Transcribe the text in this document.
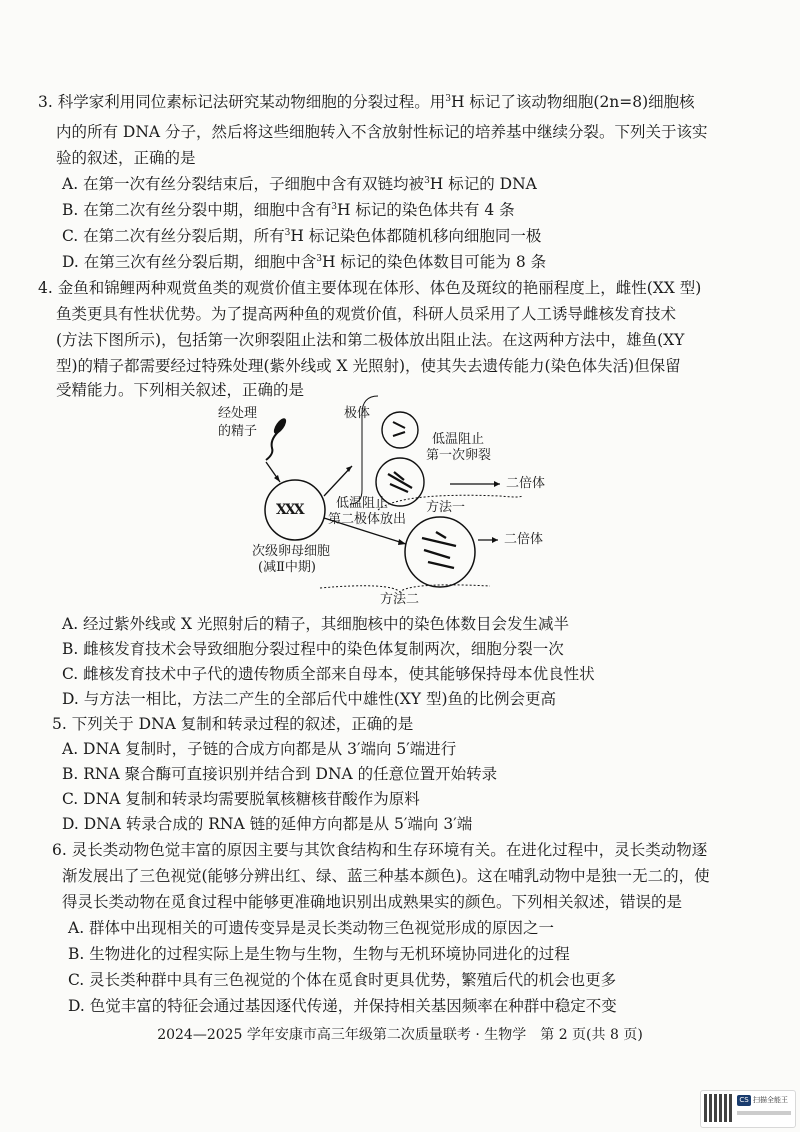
3. 科学家利用同位素标记法研究某动物细胞的分裂过程。用$^3$H 标记了该动物细胞(2n=8)细胞核
内的所有 DNA 分子，然后将这些细胞转入不含放射性标记的培养基中继续分裂。下列关于该实
验的叙述，正确的是
A. 在第一次有丝分裂结束后，子细胞中含有双链均被$^3$H 标记的 DNA
B. 在第二次有丝分裂中期，细胞中含有$^3$H 标记的染色体共有 4 条
C. 在第二次有丝分裂后期，所有$^3$H 标记染色体都随机移向细胞同一极
D. 在第三次有丝分裂后期，细胞中含$^3$H 标记的染色体数目可能为 8 条
4. 金鱼和锦鲤两种观赏鱼类的观赏价值主要体现在体形、体色及斑纹的艳丽程度上，雌性(XX 型)
鱼类更具有性状优势。为了提高两种鱼的观赏价值，科研人员采用了人工诱导雌核发育技术
(方法下图所示)，包括第一次卵裂阻止法和第二极体放出阻止法。在这两种方法中，雄鱼(XY
型)的精子都需要经过特殊处理(紫外线或 X 光照射)，使其失去遗传能力(染色体失活)但保留
受精能力。下列相关叙述，正确的是
经处理
的精子
极体
低温阻止
第一次卵裂
二倍体
低温阻止
第二极体放出
方法一
XXX
次级卵母细胞
(减Ⅱ中期)
二倍体
方法二
A. 经过紫外线或 X 光照射后的精子，其细胞核中的染色体数目会发生减半
B. 雌核发育技术会导致细胞分裂过程中的染色体复制两次，细胞分裂一次
C. 雌核发育技术中子代的遗传物质全部来自母本，使其能够保持母本优良性状
D. 与方法一相比，方法二产生的全部后代中雄性(XY 型)鱼的比例会更高
5. 下列关于 DNA 复制和转录过程的叙述，正确的是
A. DNA 复制时，子链的合成方向都是从 3′端向 5′端进行
B. RNA 聚合酶可直接识别并结合到 DNA 的任意位置开始转录
C. DNA 复制和转录均需要脱氧核糖核苷酸作为原料
D. DNA 转录合成的 RNA 链的延伸方向都是从 5′端向 3′端
6. 灵长类动物色觉丰富的原因主要与其饮食结构和生存环境有关。在进化过程中，灵长类动物逐
渐发展出了三色视觉(能够分辨出红、绿、蓝三种基本颜色)。这在哺乳动物中是独一无二的，使
得灵长类动物在觅食过程中能够更准确地识别出成熟果实的颜色。下列相关叙述，错误的是
A. 群体中出现相关的可遗传变异是灵长类动物三色视觉形成的原因之一
B. 生物进化的过程实际上是生物与生物，生物与无机环境协同进化的过程
C. 灵长类种群中具有三色视觉的个体在觅食时更具优势，繁殖后代的机会也更多
D. 色觉丰富的特征会通过基因逐代传递，并保持相关基因频率在种群中稳定不变
2024—2025 学年安康市高三年级第二次质量联考 · 生物学　第 2 页(共 8 页)
CS 扫描全能王
